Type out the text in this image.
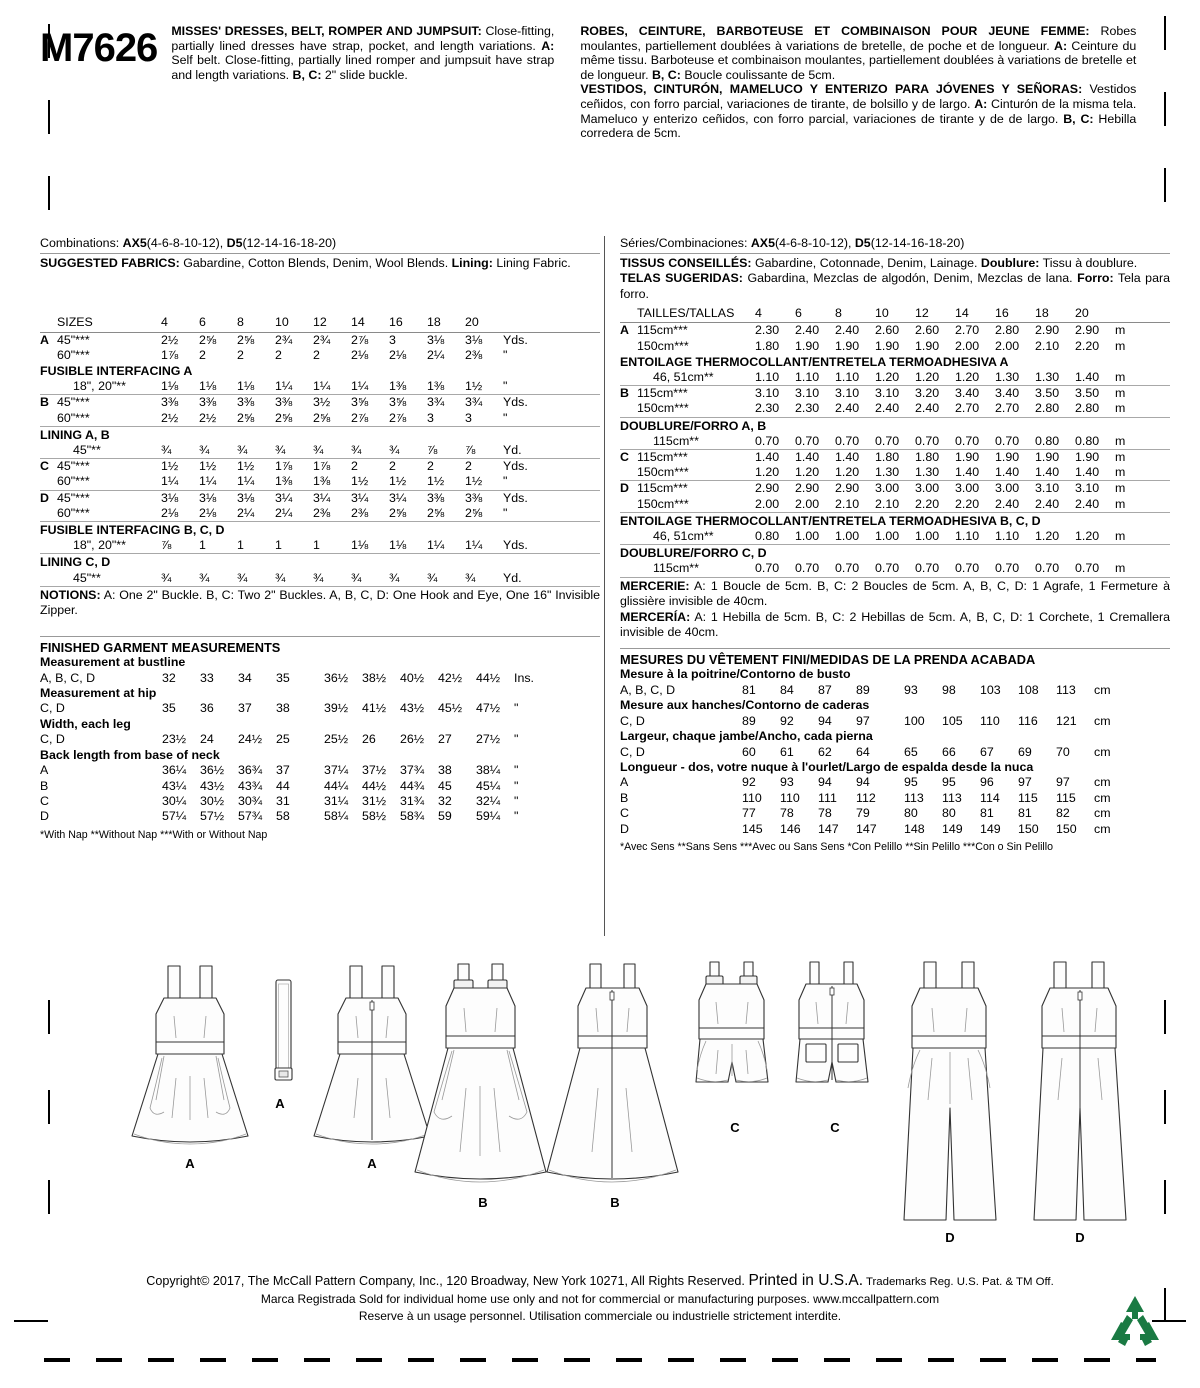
M7626 MISSES' DRESSES, BELT, ROMPER AND JUMPSUIT: Close-fitting, partially lined dresses have strap, pocket, and length variations. A: Self belt. Close-fitting, partially lined romper and jumpsuit have strap and length variations. B, C: 2" slide buckle.

ROBES, CEINTURE, BARBOTEUSE ET COMBINAISON POUR JEUNE FEMME: Robes moulantes, partiellement doublées à variations de bretelle, de poche et de longueur. A: Ceinture du même tissu. Barboteuse et combinaison moulantes, partiellement doublées à variations de bretelle et de longueur. B, C: Boucle coulissante de 5cm.

VESTIDOS, CINTURÓN, MAMELUCO Y ENTERIZO PARA JÓVENES Y SEÑORAS: Vestidos ceñidos, con forro parcial, variaciones de tirante, de bolsillo y de largo. A: Cinturón de la misma tela. Mameluco y enterizo ceñidos, con forro parcial, variaciones de tirante y de de largo. B, C: Hebilla corredera de 5cm.

Combinations: AX5(4-6-8-10-12), D5(12-14-16-18-20)

SUGGESTED FABRICS: Gabardine, Cotton Blends, Denim, Wool Blends. Lining: Lining Fabric.

	SIZES	4	6	8	10	12	14	16	18	20	
A	45"***	2½	2⅝	2⅝	2¾	2¾	2⅞	3	3⅛	3⅛	Yds.
	60"***	1⅞	2	2	2	2	2⅛	2⅛	2¼	2⅜	"
FUSIBLE INTERFACING A											
	18", 20"**	1⅛	1⅛	1⅛	1¼	1¼	1¼	1⅜	1⅜	1½	"
B	45"***	3⅜	3⅜	3⅜	3⅜	3½	3⅝	3⅝	3¾	3¾	Yds.
	60"***	2½	2½	2⅝	2⅝	2⅝	2⅞	2⅞	3	3	"
LINING A, B											
	45"**	¾	¾	¾	¾	¾	¾	¾	⅞	⅞	Yd.
C	45"***	1½	1½	1½	1⅞	1⅞	2	2	2	2	Yds.
	60"***	1¼	1¼	1¼	1⅜	1⅜	1½	1½	1½	1½	"
D	45"***	3⅛	3⅛	3⅛	3¼	3¼	3¼	3¼	3⅜	3⅜	Yds.
	60"***	2⅛	2⅛	2¼	2¼	2⅜	2⅜	2⅝	2⅝	2⅝	"
FUSIBLE INTERFACING B, C, D											
	18", 20"**	⅞	1	1	1	1	1⅛	1⅛	1¼	1¼	Yds.
LINING C, D											
	45"**	¾	¾	¾	¾	¾	¾	¾	¾	¾	Yd.

NOTIONS: A: One 2" Buckle. B, C: Two 2" Buckles. A, B, C, D: One Hook and Eye, One 16" Invisible Zipper.

FINISHED GARMENT MEASUREMENTS
Measurement at bustline											
A, B, C, D	32	33	34	35		36½	38½	40½	42½	44½	Ins.
Measurement at hip											
C, D	35	36	37	38		39½	41½	43½	45½	47½	"
Width, each leg											
C, D	23½	24	24½	25		25½	26	26½	27	27½	"
Back length from base of neck											
A	36¼	36½	36¾	37		37¼	37½	37¾	38	38¼	"
B	43¼	43½	43¾	44		44¼	44½	44¾	45	45¼	"
C	30¼	30½	30¾	31		31¼	31½	31¾	32	32¼	"
D	57¼	57½	57¾	58		58¼	58½	58¾	59	59¼	"
*With Nap **Without Nap ***With or Without Nap

Séries/Combinaciones: AX5(4-6-8-10-12), D5(12-14-16-18-20)

TISSUS CONSEILLÉS: Gabardine, Cotonnade, Denim, Lainage. Doublure: Tissu à doublure.

TELAS SUGERIDAS: Gabardina, Mezclas de algodón, Denim, Mezclas de lana. Forro: Tela para forro.

	TAILLES/TALLAS	4	6	8	10	12	14	16	18	20	
A	115cm***	2.30	2.40	2.40	2.60	2.60	2.70	2.80	2.90	2.90	m
	150cm***	1.80	1.90	1.90	1.90	1.90	2.00	2.00	2.10	2.20	m
ENTOILAGE THERMOCOLLANT/ENTRETELA TERMOADHESIVA A											
	46, 51cm**	1.10	1.10	1.10	1.20	1.20	1.20	1.30	1.30	1.40	m
B	115cm***	3.10	3.10	3.10	3.10	3.20	3.40	3.40	3.50	3.50	m
	150cm***	2.30	2.30	2.40	2.40	2.40	2.70	2.70	2.80	2.80	m
DOUBLURE/FORRO A, B											
	115cm**	0.70	0.70	0.70	0.70	0.70	0.70	0.70	0.80	0.80	m
C	115cm***	1.40	1.40	1.40	1.80	1.80	1.90	1.90	1.90	1.90	m
	150cm***	1.20	1.20	1.20	1.30	1.30	1.40	1.40	1.40	1.40	m
D	115cm***	2.90	2.90	2.90	3.00	3.00	3.00	3.00	3.10	3.10	m
	150cm***	2.00	2.00	2.10	2.10	2.20	2.20	2.40	2.40	2.40	m
ENTOILAGE THERMOCOLLANT/ENTRETELA TERMOADHESIVA B, C, D											
	46, 51cm**	0.80	1.00	1.00	1.00	1.00	1.10	1.10	1.20	1.20	m
DOUBLURE/FORRO C, D											
	115cm**	0.70	0.70	0.70	0.70	0.70	0.70	0.70	0.70	0.70	m

MERCERIE: A: 1 Boucle de 5cm. B, C: 2 Boucles de 5cm. A, B, C, D: 1 Agrafe, 1 Fermeture à glissière invisible de 40cm.

MERCERÍA: A: 1 Hebilla de 5cm. B, C: 2 Hebillas de 5cm. A, B, C, D: 1 Corchete, 1 Cremallera invisible de 40cm.

MESURES DU VÊTEMENT FINI/MEDIDAS DE LA PRENDA ACABADA
Mesure à la poitrine/Contorno de busto											
A, B, C, D	81	84	87	89		93	98	103	108	113	cm
Mesure aux hanches/Contorno de caderas											
C, D	89	92	94	97		100	105	110	116	121	cm
Largeur, chaque jambe/Ancho, cada pierna											
C, D	60	61	62	64		65	66	67	69	70	cm
Longueur - dos, votre nuque à l'ourlet/Largo de espalda desde la nuca											
A	92	93	94	94		95	95	96	97	97	cm
B	110	110	111	112		113	113	114	115	115	cm
C	77	78	78	79		80	80	81	81	82	cm
D	145	146	147	147		148	149	149	150	150	cm
*Avec Sens **Sans Sens ***Avec ou Sans Sens *Con Pelillo **Sin Pelillo ***Con o Sin Pelillo
A
A
A
B	B
C	C
D	D
Copyright© 2017, The McCall Pattern Company, Inc., 120 Broadway, New York 10271, All Rights Reserved. Printed in U.S.A. Trademarks Reg. U.S. Pat. & TM Off.
Marca Registrada Sold for individual home use only and not for commercial or manufacturing purposes. www.mccallpattern.com
Reserve à un usage personnel. Utilisation commerciale ou industrielle strictement interdite.
